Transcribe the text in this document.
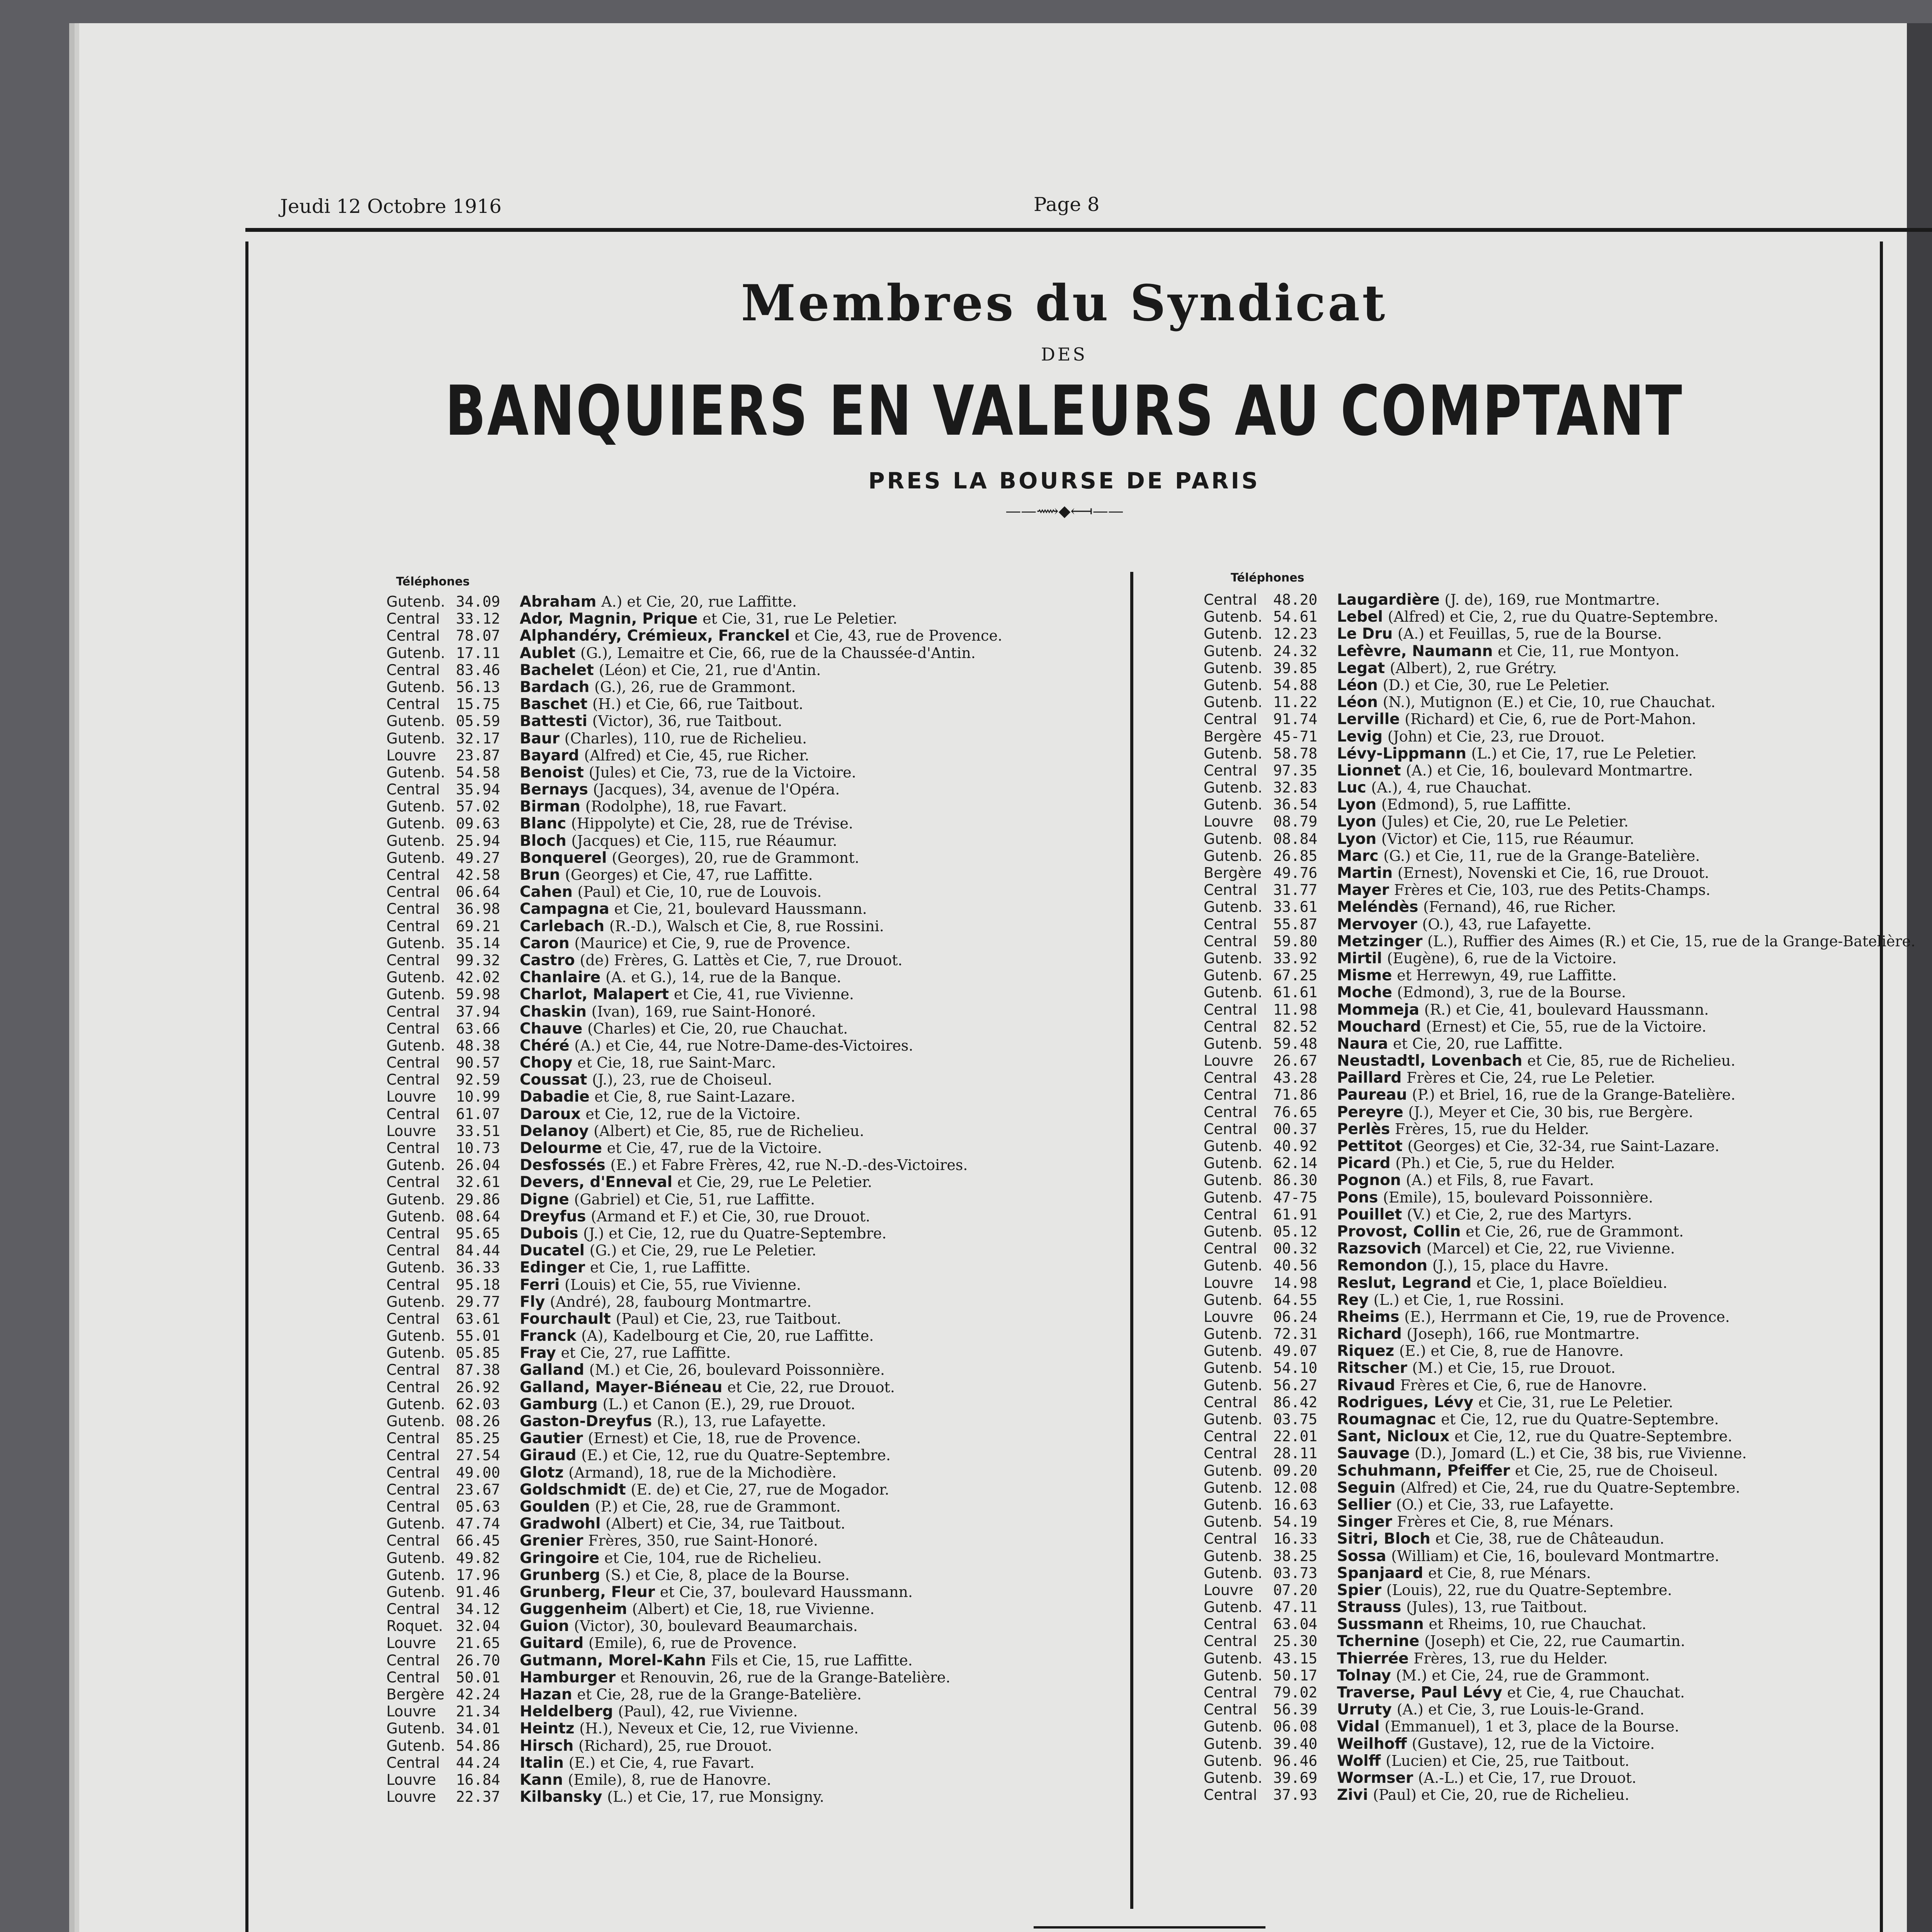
Jeudi 12 Octobre 1916	Page 8
Membres du Syndicat
DES
BANQUIERS EN VALEURS AU COMPTANT
PRES LA BOURSE DE PARIS
——⟿◆⟻——
Téléphones	Téléphones
Gutenb. 34.09	Abraham A.) et Cie, 20, rue Laffitte.
Central	33.12	Ador, Magnin, Prique et Cie, 31, rue Le Peletier.
Central	78.07	Alphandéry, Crémieux, Franckel et Cie, 43, rue de Provence.
Gutenb. 17.11	Aublet (G.), Lemaitre et Cie, 66, rue de la Chaussée-d'Antin.
Central	83.46	Bachelet (Léon) et Cie, 21, rue d'Antin.
Gutenb. 56.13	Bardach (G.), 26, rue de Grammont.
Central	15.75	Baschet (H.) et Cie, 66, rue Taitbout.
Gutenb. 05.59	Battesti (Victor), 36, rue Taitbout.
Gutenb. 32.17	Baur (Charles), 110, rue de Richelieu.
Louvre	23.87	Bayard (Alfred) et Cie, 45, rue Richer.
Gutenb. 54.58	Benoist (Jules) et Cie, 73, rue de la Victoire.
Central	35.94	Bernays (Jacques), 34, avenue de l'Opéra.
Gutenb. 57.02	Birman (Rodolphe), 18, rue Favart.
Gutenb. 09.63	Blanc (Hippolyte) et Cie, 28, rue de Trévise.
Gutenb. 25.94	Bloch (Jacques) et Cie, 115, rue Réaumur.
Gutenb. 49.27	Bonquerel (Georges), 20, rue de Grammont.
Central	42.58	Brun (Georges) et Cie, 47, rue Laffitte.
Central	06.64	Cahen (Paul) et Cie, 10, rue de Louvois.
Central	36.98	Campagna et Cie, 21, boulevard Haussmann.
Central	69.21	Carlebach (R.-D.), Walsch et Cie, 8, rue Rossini.
Gutenb. 35.14	Caron (Maurice) et Cie, 9, rue de Provence.
Central	99.32	Castro (de) Frères, G. Lattès et Cie, 7, rue Drouot.
Gutenb. 42.02	Chanlaire (A. et G.), 14, rue de la Banque.
Gutenb. 59.98	Charlot, Malapert et Cie, 41, rue Vivienne.
Central	37.94	Chaskin (Ivan), 169, rue Saint-Honoré.
Central	63.66	Chauve (Charles) et Cie, 20, rue Chauchat.
Gutenb. 48.38	Chéré (A.) et Cie, 44, rue Notre-Dame-des-Victoires.
Central	90.57	Chopy et Cie, 18, rue Saint-Marc.
Central	92.59	Coussat (J.), 23, rue de Choiseul.
Louvre	10.99	Dabadie et Cie, 8, rue Saint-Lazare.
Central	61.07	Daroux et Cie, 12, rue de la Victoire.
Louvre	33.51	Delanoy (Albert) et Cie, 85, rue de Richelieu.
Central	10.73	Delourme et Cie, 47, rue de la Victoire.
Gutenb. 26.04	Desfossés (E.) et Fabre Frères, 42, rue N.-D.-des-Victoires.
Central	32.61	Devers, d'Enneval et Cie, 29, rue Le Peletier.
Gutenb. 29.86	Digne (Gabriel) et Cie, 51, rue Laffitte.
Gutenb. 08.64	Dreyfus (Armand et F.) et Cie, 30, rue Drouot.
Central	95.65	Dubois (J.) et Cie, 12, rue du Quatre-Septembre.
Central	84.44	Ducatel (G.) et Cie, 29, rue Le Peletier.
Gutenb. 36.33	Edinger et Cie, 1, rue Laffitte.
Central	95.18	Ferri (Louis) et Cie, 55, rue Vivienne.
Gutenb. 29.77	Fly (André), 28, faubourg Montmartre.
Central	63.61	Fourchault (Paul) et Cie, 23, rue Taitbout.
Gutenb. 55.01	Franck (A), Kadelbourg et Cie, 20, rue Laffitte.
Gutenb. 05.85	Fray et Cie, 27, rue Laffitte.
Central	87.38	Galland (M.) et Cie, 26, boulevard Poissonnière.
Central	26.92	Galland, Mayer-Biéneau et Cie, 22, rue Drouot.
Gutenb. 62.03	Gamburg (L.) et Canon (E.), 29, rue Drouot.
Gutenb. 08.26	Gaston-Dreyfus (R.), 13, rue Lafayette.
Central	85.25	Gautier (Ernest) et Cie, 18, rue de Provence.
Central	27.54	Giraud (E.) et Cie, 12, rue du Quatre-Septembre.
Central	49.00	Glotz (Armand), 18, rue de la Michodière.
Central	23.67	Goldschmidt (E. de) et Cie, 27, rue de Mogador.
Central	05.63	Goulden (P.) et Cie, 28, rue de Grammont.
Gutenb. 47.74	Gradwohl (Albert) et Cie, 34, rue Taitbout.
Central	66.45	Grenier Frères, 350, rue Saint-Honoré.
Gutenb. 49.82	Gringoire et Cie, 104, rue de Richelieu.
Gutenb. 17.96	Grunberg (S.) et Cie, 8, place de la Bourse.
Gutenb. 91.46	Grunberg, Fleur et Cie, 37, boulevard Haussmann.
Central	34.12	Guggenheim (Albert) et Cie, 18, rue Vivienne.
Roquet. 32.04	Guion (Victor), 30, boulevard Beaumarchais.
Louvre	21.65	Guitard (Emile), 6, rue de Provence.
Central	26.70	Gutmann, Morel-Kahn Fils et Cie, 15, rue Laffitte.
Central	50.01	Hamburger et Renouvin, 26, rue de la Grange-Batelière.
Bergère 42.24	Hazan et Cie, 28, rue de la Grange-Batelière.
Louvre	21.34	Heldelberg (Paul), 42, rue Vivienne.
Gutenb. 34.01	Heintz (H.), Neveux et Cie, 12, rue Vivienne.
Gutenb. 54.86	Hirsch (Richard), 25, rue Drouot.
Central	44.24	Italin (E.) et Cie, 4, rue Favart.
Louvre	16.84	Kann (Emile), 8, rue de Hanovre.
Louvre	22.37	Kilbansky (L.) et Cie, 17, rue Monsigny.
Central	48.20	Laugardière (J. de), 169, rue Montmartre.
Gutenb. 54.61	Lebel (Alfred) et Cie, 2, rue du Quatre-Septembre.
Gutenb. 12.23	Le Dru (A.) et Feuillas, 5, rue de la Bourse.
Gutenb. 24.32	Lefèvre, Naumann et Cie, 11, rue Montyon.
Gutenb. 39.85	Legat (Albert), 2, rue Grétry.
Gutenb. 54.88	Léon (D.) et Cie, 30, rue Le Peletier.
Gutenb. 11.22	Léon (N.), Mutignon (E.) et Cie, 10, rue Chauchat.
Central	91.74	Lerville (Richard) et Cie, 6, rue de Port-Mahon.
Bergère 45-71	Levig (John) et Cie, 23, rue Drouot.
Gutenb. 58.78	Lévy-Lippmann (L.) et Cie, 17, rue Le Peletier.
Central	97.35	Lionnet (A.) et Cie, 16, boulevard Montmartre.
Gutenb. 32.83	Luc (A.), 4, rue Chauchat.
Gutenb. 36.54	Lyon (Edmond), 5, rue Laffitte.
Louvre	08.79	Lyon (Jules) et Cie, 20, rue Le Peletier.
Gutenb. 08.84	Lyon (Victor) et Cie, 115, rue Réaumur.
Gutenb. 26.85	Marc (G.) et Cie, 11, rue de la Grange-Batelière.
Bergère 49.76	Martin (Ernest), Novenski et Cie, 16, rue Drouot.
Central	31.77	Mayer Frères et Cie, 103, rue des Petits-Champs.
Gutenb. 33.61	Meléndès (Fernand), 46, rue Richer.
Central	55.87	Mervoyer (O.), 43, rue Lafayette.
Central	59.80	Metzinger (L.), Ruffier des Aimes (R.) et Cie, 15, rue de la Grange-Batelière.
Gutenb. 33.92	Mirtil (Eugène), 6, rue de la Victoire.
Gutenb. 67.25	Misme et Herrewyn, 49, rue Laffitte.
Gutenb. 61.61	Moche (Edmond), 3, rue de la Bourse.
Central	11.98	Mommeja (R.) et Cie, 41, boulevard Haussmann.
Central	82.52	Mouchard (Ernest) et Cie, 55, rue de la Victoire.
Gutenb. 59.48	Naura et Cie, 20, rue Laffitte.
Louvre	26.67	Neustadtl, Lovenbach et Cie, 85, rue de Richelieu.
Central	43.28	Paillard Frères et Cie, 24, rue Le Peletier.
Central	71.86	Paureau (P.) et Briel, 16, rue de la Grange-Batelière.
Central	76.65	Pereyre (J.), Meyer et Cie, 30 bis, rue Bergère.
Central	00.37	Perlès Frères, 15, rue du Helder.
Gutenb. 40.92	Pettitot (Georges) et Cie, 32-34, rue Saint-Lazare.
Gutenb. 62.14	Picard (Ph.) et Cie, 5, rue du Helder.
Gutenb. 86.30	Pognon (A.) et Fils, 8, rue Favart.
Gutenb. 47-75	Pons (Emile), 15, boulevard Poissonnière.
Central	61.91	Pouillet (V.) et Cie, 2, rue des Martyrs.
Gutenb. 05.12	Provost, Collin et Cie, 26, rue de Grammont.
Central	00.32	Razsovich (Marcel) et Cie, 22, rue Vivienne.
Gutenb. 40.56	Remondon (J.), 15, place du Havre.
Louvre	14.98	Reslut, Legrand et Cie, 1, place Boïeldieu.
Gutenb. 64.55	Rey (L.) et Cie, 1, rue Rossini.
Louvre	06.24	Rheims (E.), Herrmann et Cie, 19, rue de Provence.
Gutenb. 72.31	Richard (Joseph), 166, rue Montmartre.
Gutenb. 49.07	Riquez (E.) et Cie, 8, rue de Hanovre.
Gutenb. 54.10	Ritscher (M.) et Cie, 15, rue Drouot.
Gutenb. 56.27	Rivaud Frères et Cie, 6, rue de Hanovre.
Central	86.42	Rodrigues, Lévy et Cie, 31, rue Le Peletier.
Gutenb. 03.75	Roumagnac et Cie, 12, rue du Quatre-Septembre.
Central	22.01	Sant, Nicloux et Cie, 12, rue du Quatre-Septembre.
Central	28.11	Sauvage (D.), Jomard (L.) et Cie, 38 bis, rue Vivienne.
Gutenb. 09.20	Schuhmann, Pfeiffer et Cie, 25, rue de Choiseul.
Gutenb. 12.08	Seguin (Alfred) et Cie, 24, rue du Quatre-Septembre.
Gutenb. 16.63	Sellier (O.) et Cie, 33, rue Lafayette.
Gutenb. 54.19	Singer Frères et Cie, 8, rue Ménars.
Central	16.33	Sitri, Bloch et Cie, 38, rue de Châteaudun.
Gutenb. 38.25	Sossa (William) et Cie, 16, boulevard Montmartre.
Gutenb. 03.73	Spanjaard et Cie, 8, rue Ménars.
Louvre	07.20	Spier (Louis), 22, rue du Quatre-Septembre.
Gutenb. 47.11	Strauss (Jules), 13, rue Taitbout.
Central	63.04	Sussmann et Rheims, 10, rue Chauchat.
Central	25.30	Tchernine (Joseph) et Cie, 22, rue Caumartin.
Gutenb. 43.15	Thierrée Frères, 13, rue du Helder.
Gutenb. 50.17	Tolnay (M.) et Cie, 24, rue de Grammont.
Central	79.02	Traverse, Paul Lévy et Cie, 4, rue Chauchat.
Central	56.39	Urruty (A.) et Cie, 3, rue Louis-le-Grand.
Gutenb. 06.08	Vidal (Emmanuel), 1 et 3, place de la Bourse.
Gutenb. 39.40	Weilhoff (Gustave), 12, rue de la Victoire.
Gutenb. 96.46	Wolff (Lucien) et Cie, 25, rue Taitbout.
Gutenb. 39.69	Wormser (A.-L.) et Cie, 17, rue Drouot.
Central	37.93	Zivi (Paul) et Cie, 20, rue de Richelieu.
